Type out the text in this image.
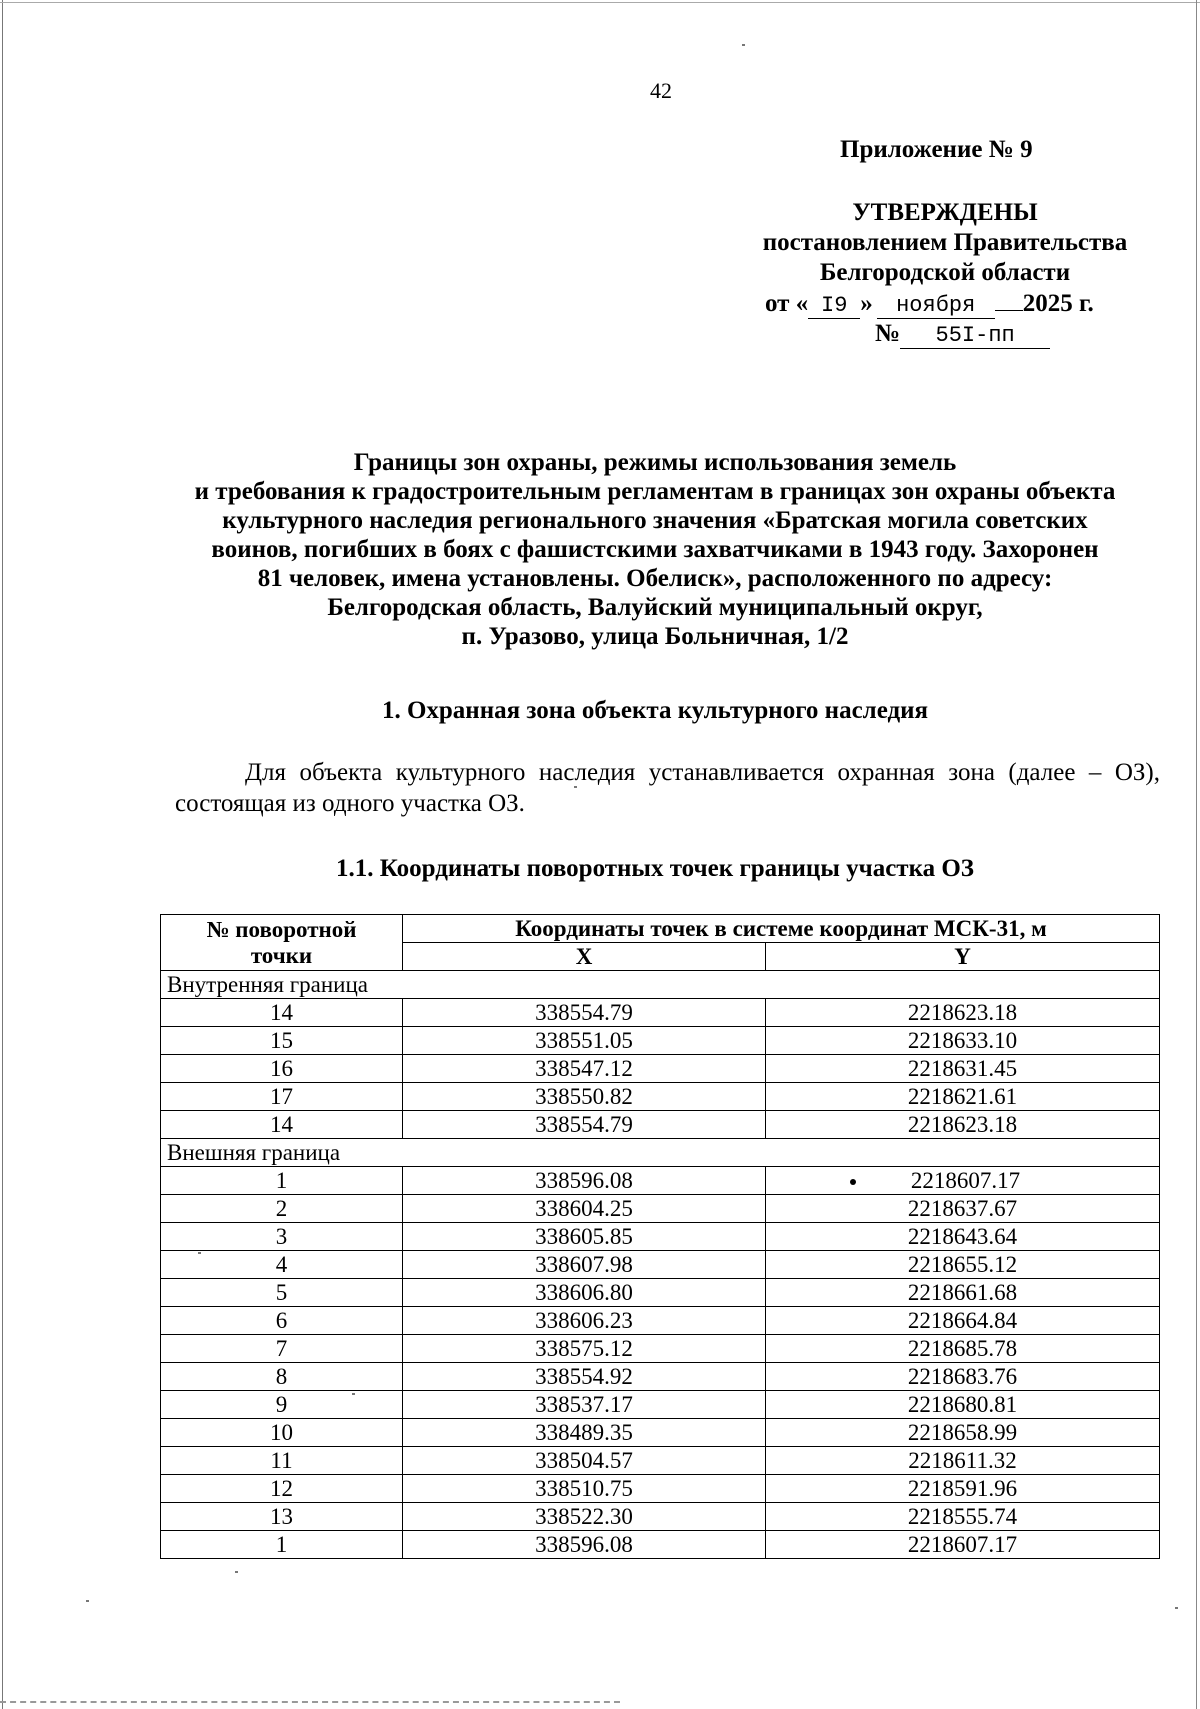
42
Приложение № 9
УТВЕРЖДЕНЫ
постановлением Правительства
Белгородской области
от « I9 » ноября 2025 г.
№ 55I-пп
Границы зон охраны, режимы использования земель
и требования к градостроительным регламентам в границах зон охраны объекта
культурного наследия регионального значения «Братская могила советских
воинов, погибших в боях с фашистскими захватчиками в 1943 году. Захоронен
81 человек, имена установлены. Обелиск», расположенного по адресу:
Белгородская область, Валуйский муниципальный округ,
п. Уразово, улица Больничная, 1/2
1. Охранная зона объекта культурного наследия
Для объекта культурного наследия устанавливается охранная зона (далее – ОЗ), состоящая из одного участка ОЗ.
1.1. Координаты поворотных точек границы участка ОЗ
№ поворотной
точки	Координаты точек в системе координат МСК-31, м	
	X	Y
Внутренняя граница		
14	338554.79	2218623.18
15	338551.05	2218633.10
16	338547.12	2218631.45
17	338550.82	2218621.61
14	338554.79	2218623.18
Внешняя граница		
1	338596.08	2218607.17
2	338604.25	2218637.67
3	338605.85	2218643.64
4	338607.98	2218655.12
5	338606.80	2218661.68
6	338606.23	2218664.84
7	338575.12	2218685.78
8	338554.92	2218683.76
9	338537.17	2218680.81
10	338489.35	2218658.99
11	338504.57	2218611.32
12	338510.75	2218591.96
13	338522.30	2218555.74
1	338596.08	2218607.17
